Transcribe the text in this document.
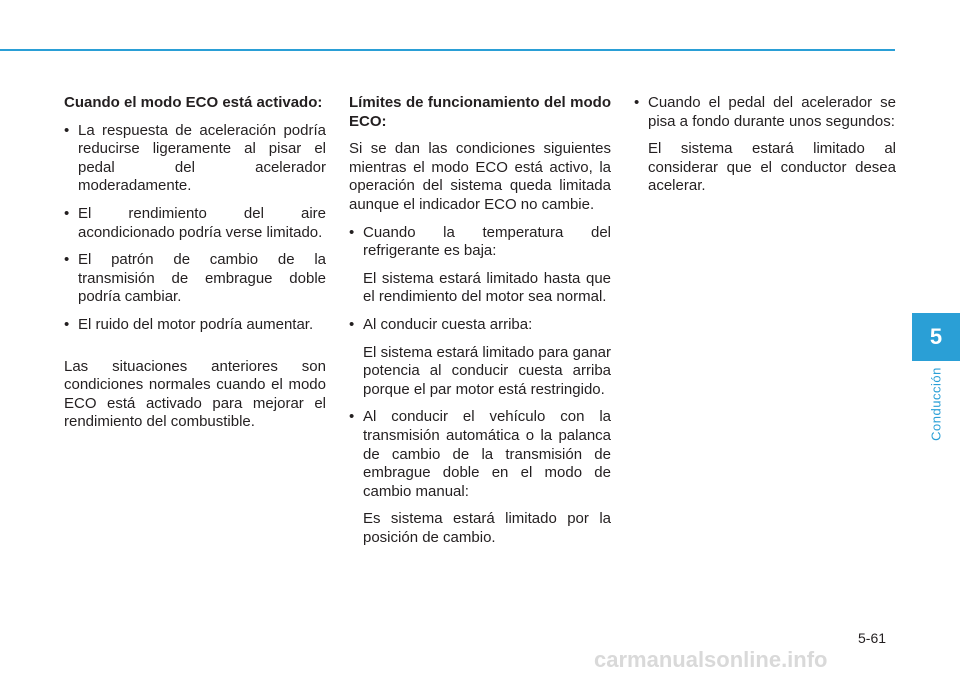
Cuando el modo ECO está activado:
• La respuesta de aceleración podría reducirse ligeramente al pisar el pedal del acelerador moderadamente.
• El rendimiento del aire acondicionado podría verse limitado.
• El patrón de cambio de la transmisión de embrague doble podría cambiar.
• El ruido del motor podría aumentar.

Las situaciones anteriores son condiciones normales cuando el modo ECO está activado para mejorar el rendimiento del combustible.

Límites de funcionamiento del modo ECO:

Si se dan las condiciones siguientes mientras el modo ECO está activo, la operación del sistema queda limitada aunque el indicador ECO no cambie.

• Cuando la temperatura del refrigerante es baja:
El sistema estará limitado hasta que el rendimiento del motor sea normal.
• Al conducir cuesta arriba:
El sistema estará limitado para ganar potencia al conducir cuesta arriba porque el par motor está restringido.
• Al conducir el vehículo con la transmisión automática o la palanca de cambio de la transmisión de embrague doble en el modo de cambio manual:
Es sistema estará limitado por la posición de cambio.
• Cuando el pedal del acelerador se pisa a fondo durante unos segundos:
El sistema estará limitado al considerar que el conductor desea acelerar.
5
Conducción
5-61
carmanualsonline.info
